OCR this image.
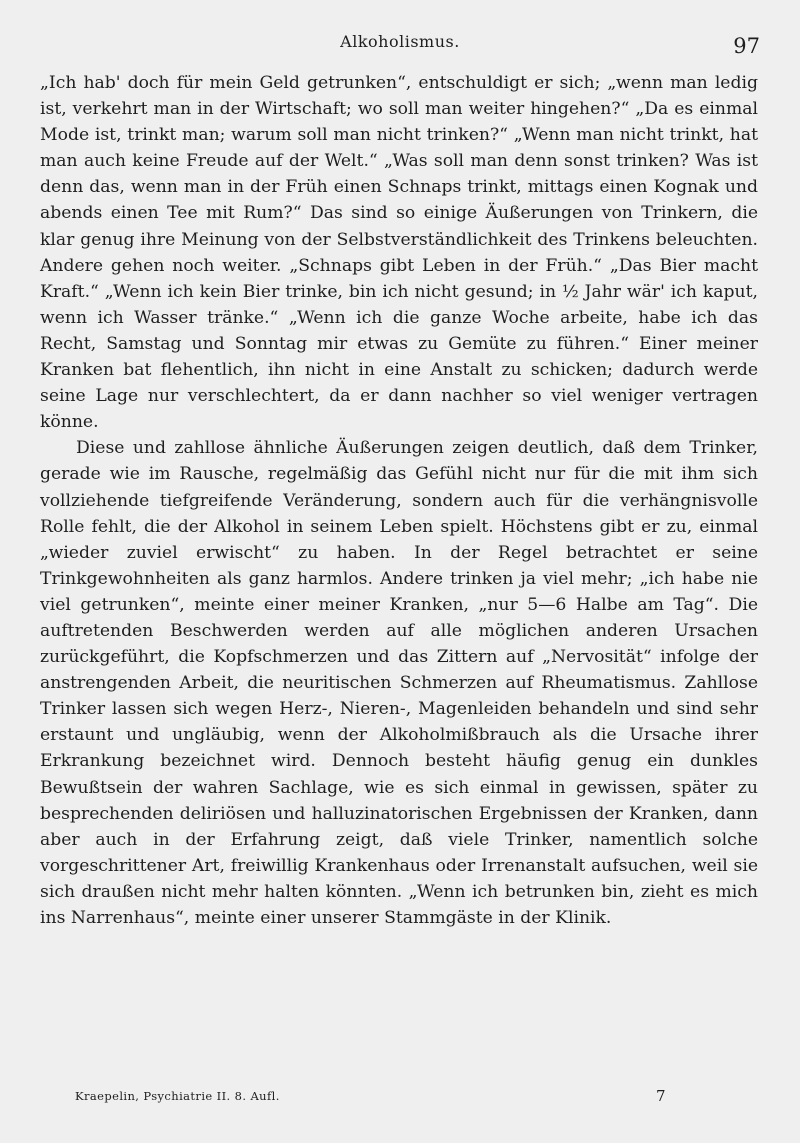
Alkoholismus.	97

„Ich hab' doch für mein Geld getrunken“, entschuldigt er sich; „wenn man ledig ist, verkehrt man in der Wirtschaft; wo soll man weiter hingehen?“ „Da es einmal Mode ist, trinkt man; warum soll man nicht trinken?“ „Wenn man nicht trinkt, hat man auch keine Freude auf der Welt.“ „Was soll man denn sonst trinken? Was ist denn das, wenn man in der Früh einen Schnaps trinkt, mittags einen Kognak und abends einen Tee mit Rum?“ Das sind so einige Äußerungen von Trinkern, die klar genug ihre Meinung von der Selbstverständlichkeit des Trinkens beleuchten. Andere gehen noch weiter. „Schnaps gibt Leben in der Früh.“ „Das Bier macht Kraft.“ „Wenn ich kein Bier trinke, bin ich nicht gesund; in ½ Jahr wär' ich kaput, wenn ich Wasser tränke.“ „Wenn ich die ganze Woche arbeite, habe ich das Recht, Samstag und Sonntag mir etwas zu Gemüte zu führen.“ Einer meiner Kranken bat flehentlich, ihn nicht in eine Anstalt zu schicken; dadurch werde seine Lage nur verschlechtert, da er dann nachher so viel weniger vertragen könne.

Diese und zahllose ähnliche Äußerungen zeigen deutlich, daß dem Trinker, gerade wie im Rausche, regelmäßig das Gefühl nicht nur für die mit ihm sich vollziehende tiefgreifende Veränderung, sondern auch für die verhängnisvolle Rolle fehlt, die der Alkohol in seinem Leben spielt. Höchstens gibt er zu, einmal „wieder zuviel erwischt“ zu haben. In der Regel betrachtet er seine Trinkgewohnheiten als ganz harmlos. Andere trinken ja viel mehr; „ich habe nie viel getrunken“, meinte einer meiner Kranken, „nur 5—6 Halbe am Tag“. Die auftretenden Beschwerden werden auf alle möglichen anderen Ursachen zurückgeführt, die Kopfschmerzen und das Zittern auf „Nervosität“ infolge der anstrengenden Arbeit, die neuritischen Schmerzen auf Rheumatismus. Zahllose Trinker lassen sich wegen Herz-, Nieren-, Magenleiden behandeln und sind sehr erstaunt und ungläubig, wenn der Alkoholmißbrauch als die Ursache ihrer Erkrankung bezeichnet wird. Dennoch besteht häufig genug ein dunkles Bewußtsein der wahren Sachlage, wie es sich einmal in gewissen, später zu besprechenden deliriösen und halluzinatorischen Ergebnissen der Kranken, dann aber auch in der Erfahrung zeigt, daß viele Trinker, namentlich solche vorgeschrittener Art, freiwillig Krankenhaus oder Irrenanstalt aufsuchen, weil sie sich draußen nicht mehr halten könnten. „Wenn ich betrunken bin, zieht es mich ins Narrenhaus“, meinte einer unserer Stammgäste in der Klinik.

Kraepelin, Psychiatrie II. 8. Aufl.	7
